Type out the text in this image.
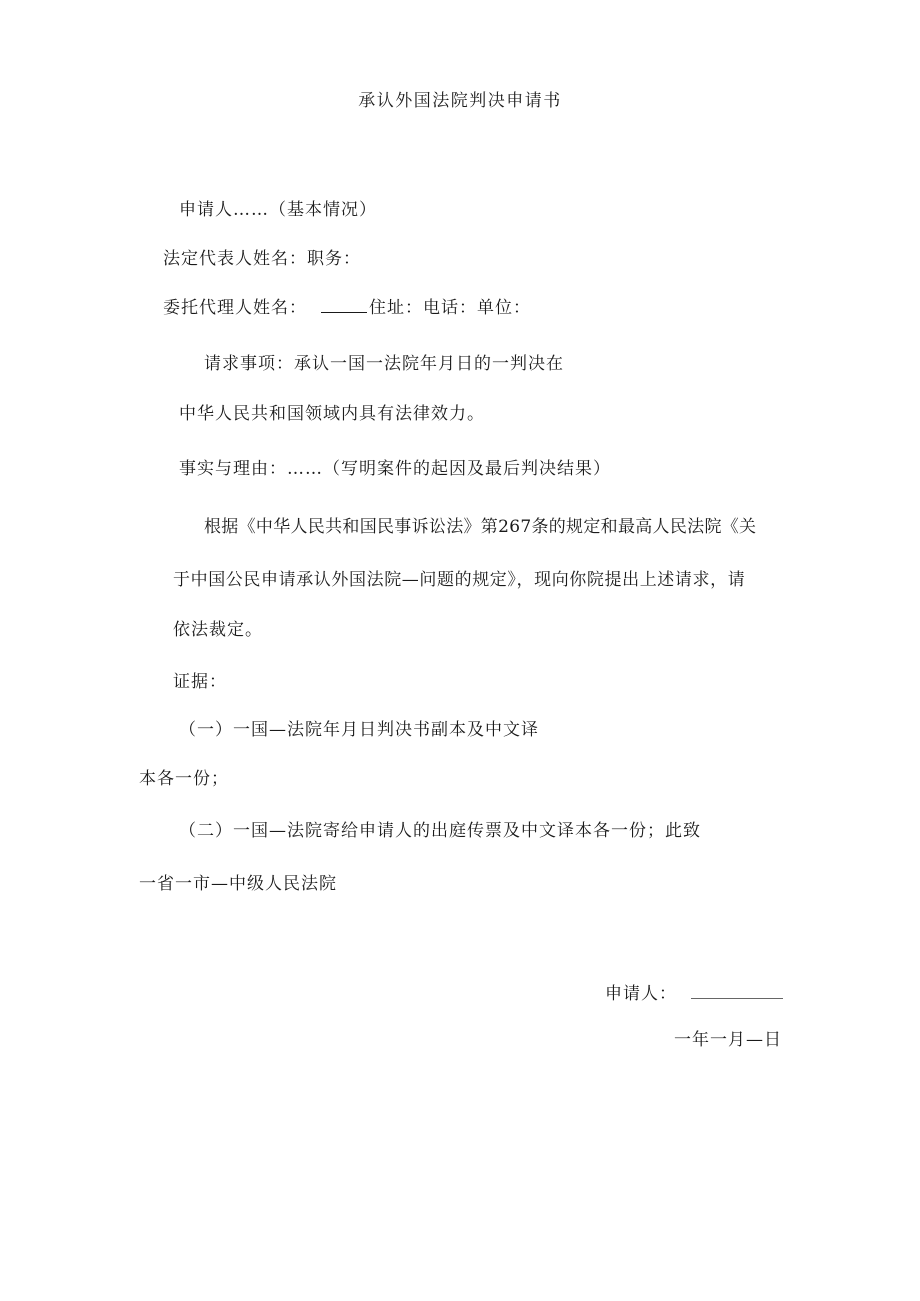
承认外国法院判决申请书
申请人……（基本情况）
法定代表人姓名：职务：
委托代理人姓名：	住址：电话：单位：
请求事项：承认一国一法院年月日的一判决在
中华人民共和国领域内具有法律效力。
事实与理由：……（写明案件的起因及最后判决结果）
根据《中华人民共和国民事诉讼法》第267条的规定和最高人民法院《关
于中国公民申请承认外国法院—问题的规定》，现向你院提出上述请求，请
依法裁定。
证据：
（一）一国—法院年月日判决书副本及中文译
本各一份；
（二）一国—法院寄给申请人的出庭传票及中文译本各一份；此致
一省一市—中级人民法院
申请人：
一年一月—日
